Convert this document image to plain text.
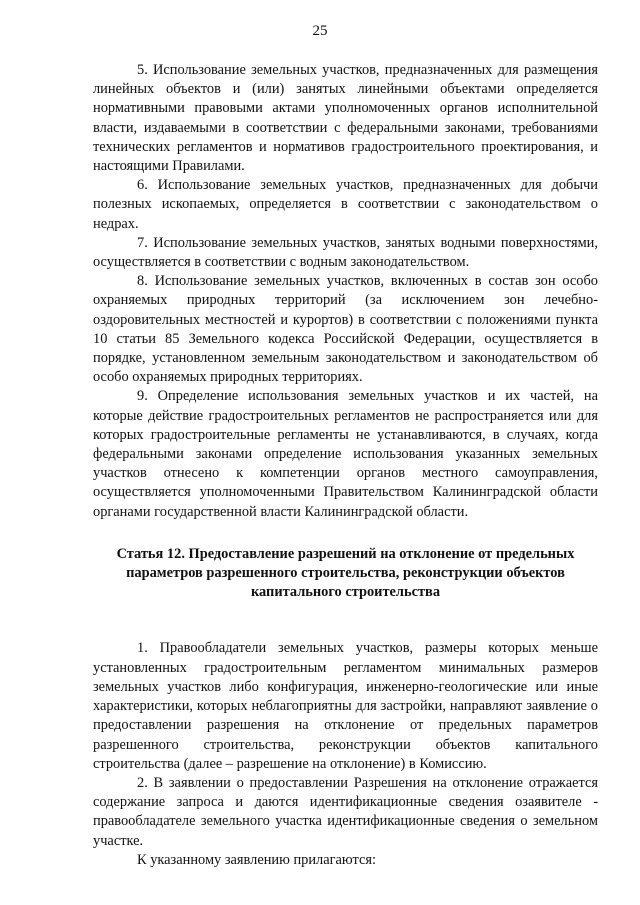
25

5. Использование земельных участков, предназначенных для размещения линейных объектов и (или) занятых линейными объектами определяется нормативными правовыми актами уполномоченных органов исполнительной власти, издаваемыми в соответствии с федеральными законами, требованиями технических регламентов и нормативов градостроительного проектирования, и настоящими Правилами.

6. Использование земельных участков, предназначенных для добычи полезных ископаемых, определяется в соответствии с законодательством о недрах.

7. Использование земельных участков, занятых водными поверхностями, осуществляется в соответствии с водным законодательством.

8. Использование земельных участков, включенных в состав зон особо охраняемых природных территорий (за исключением зон лечебно-оздоровительных местностей и курортов) в соответствии с положениями пункта 10 статьи 85 Земельного кодекса Российской Федерации, осуществляется в порядке, установленном земельным законодательством и законодательством об особо охраняемых природных территориях.

9. Определение использования земельных участков и их частей, на которые действие градостроительных регламентов не распространяется или для которых градостроительные регламенты не устанавливаются, в случаях, когда федеральными законами определение использования указанных земельных участков отнесено к компетенции органов местного самоуправления, осуществляется уполномоченными Правительством Калининградской области органами государственной власти Калининградской области.

Статья 12. Предоставление разрешений на отклонение от предельных параметров разрешенного строительства, реконструкции объектов капитального строительства

1. Правообладатели земельных участков, размеры которых меньше установленных градостроительным регламентом минимальных размеров земельных участков либо конфигурация, инженерно-геологические или иные характеристики, которых неблагоприятны для застройки, направляют заявление о предоставлении разрешения на отклонение от предельных параметров разрешенного строительства, реконструкции объектов капитального строительства (далее – разрешение на отклонение) в Комиссию.

2. В заявлении о предоставлении Разрешения на отклонение отражается содержание запроса и даются идентификационные сведения озаявителе - правообладателе земельного участка идентификационные сведения о земельном участке.

К указанному заявлению прилагаются:
